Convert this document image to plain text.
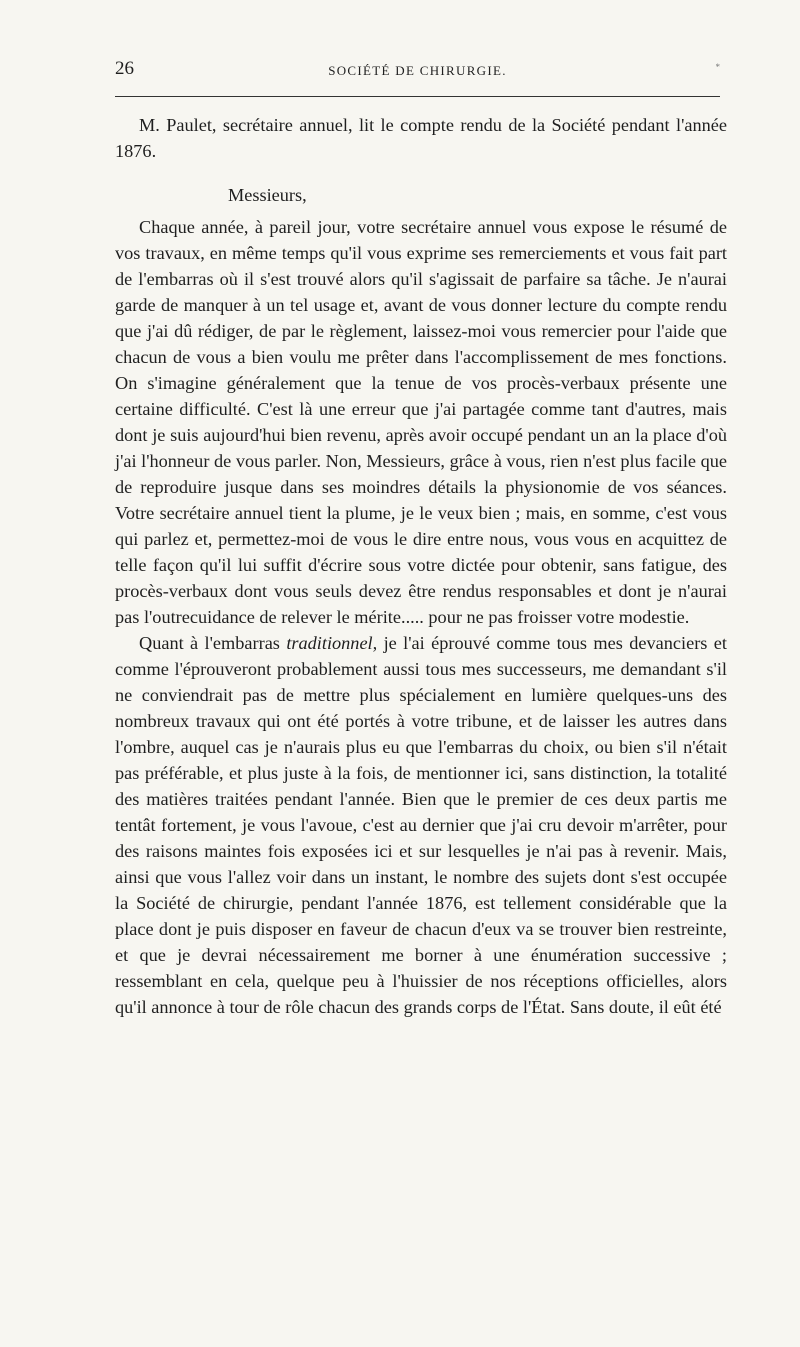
26	SOCIÉTÉ DE CHIRURGIE.	*

M. Paulet, secrétaire annuel, lit le compte rendu de la Société pendant l'année 1876.

Messieurs,

Chaque année, à pareil jour, votre secrétaire annuel vous expose le résumé de vos travaux, en même temps qu'il vous exprime ses remerciements et vous fait part de l'embarras où il s'est trouvé alors qu'il s'agissait de parfaire sa tâche. Je n'aurai garde de manquer à un tel usage et, avant de vous donner lecture du compte rendu que j'ai dû rédiger, de par le règlement, laissez-moi vous remercier pour l'aide que chacun de vous a bien voulu me prêter dans l'accomplissement de mes fonctions. On s'imagine généralement que la tenue de vos procès-verbaux présente une certaine difficulté. C'est là une erreur que j'ai partagée comme tant d'autres, mais dont je suis aujourd'hui bien revenu, après avoir occupé pendant un an la place d'où j'ai l'honneur de vous parler. Non, Messieurs, grâce à vous, rien n'est plus facile que de reproduire jusque dans ses moindres détails la physionomie de vos séances. Votre secrétaire annuel tient la plume, je le veux bien ; mais, en somme, c'est vous qui parlez et, permettez-moi de vous le dire entre nous, vous vous en acquittez de telle façon qu'il lui suffit d'écrire sous votre dictée pour obtenir, sans fatigue, des procès-verbaux dont vous seuls devez être rendus responsables et dont je n'aurai pas l'outrecuidance de relever le mérite..... pour ne pas froisser votre modestie.

Quant à l'embarras traditionnel, je l'ai éprouvé comme tous mes devanciers et comme l'éprouveront probablement aussi tous mes successeurs, me demandant s'il ne conviendrait pas de mettre plus spécialement en lumière quelques-uns des nombreux travaux qui ont été portés à votre tribune, et de laisser les autres dans l'ombre, auquel cas je n'aurais plus eu que l'embarras du choix, ou bien s'il n'était pas préférable, et plus juste à la fois, de mentionner ici, sans distinction, la totalité des matières traitées pendant l'année. Bien que le premier de ces deux partis me tentât fortement, je vous l'avoue, c'est au dernier que j'ai cru devoir m'arrêter, pour des raisons maintes fois exposées ici et sur lesquelles je n'ai pas à revenir. Mais, ainsi que vous l'allez voir dans un instant, le nombre des sujets dont s'est occupée la Société de chirurgie, pendant l'année 1876, est tellement considérable que la place dont je puis disposer en faveur de chacun d'eux va se trouver bien restreinte, et que je devrai nécessairement me borner à une énumération successive ; ressemblant en cela, quelque peu à l'huissier de nos réceptions officielles, alors qu'il annonce à tour de rôle chacun des grands corps de l'État. Sans doute, il eût été
